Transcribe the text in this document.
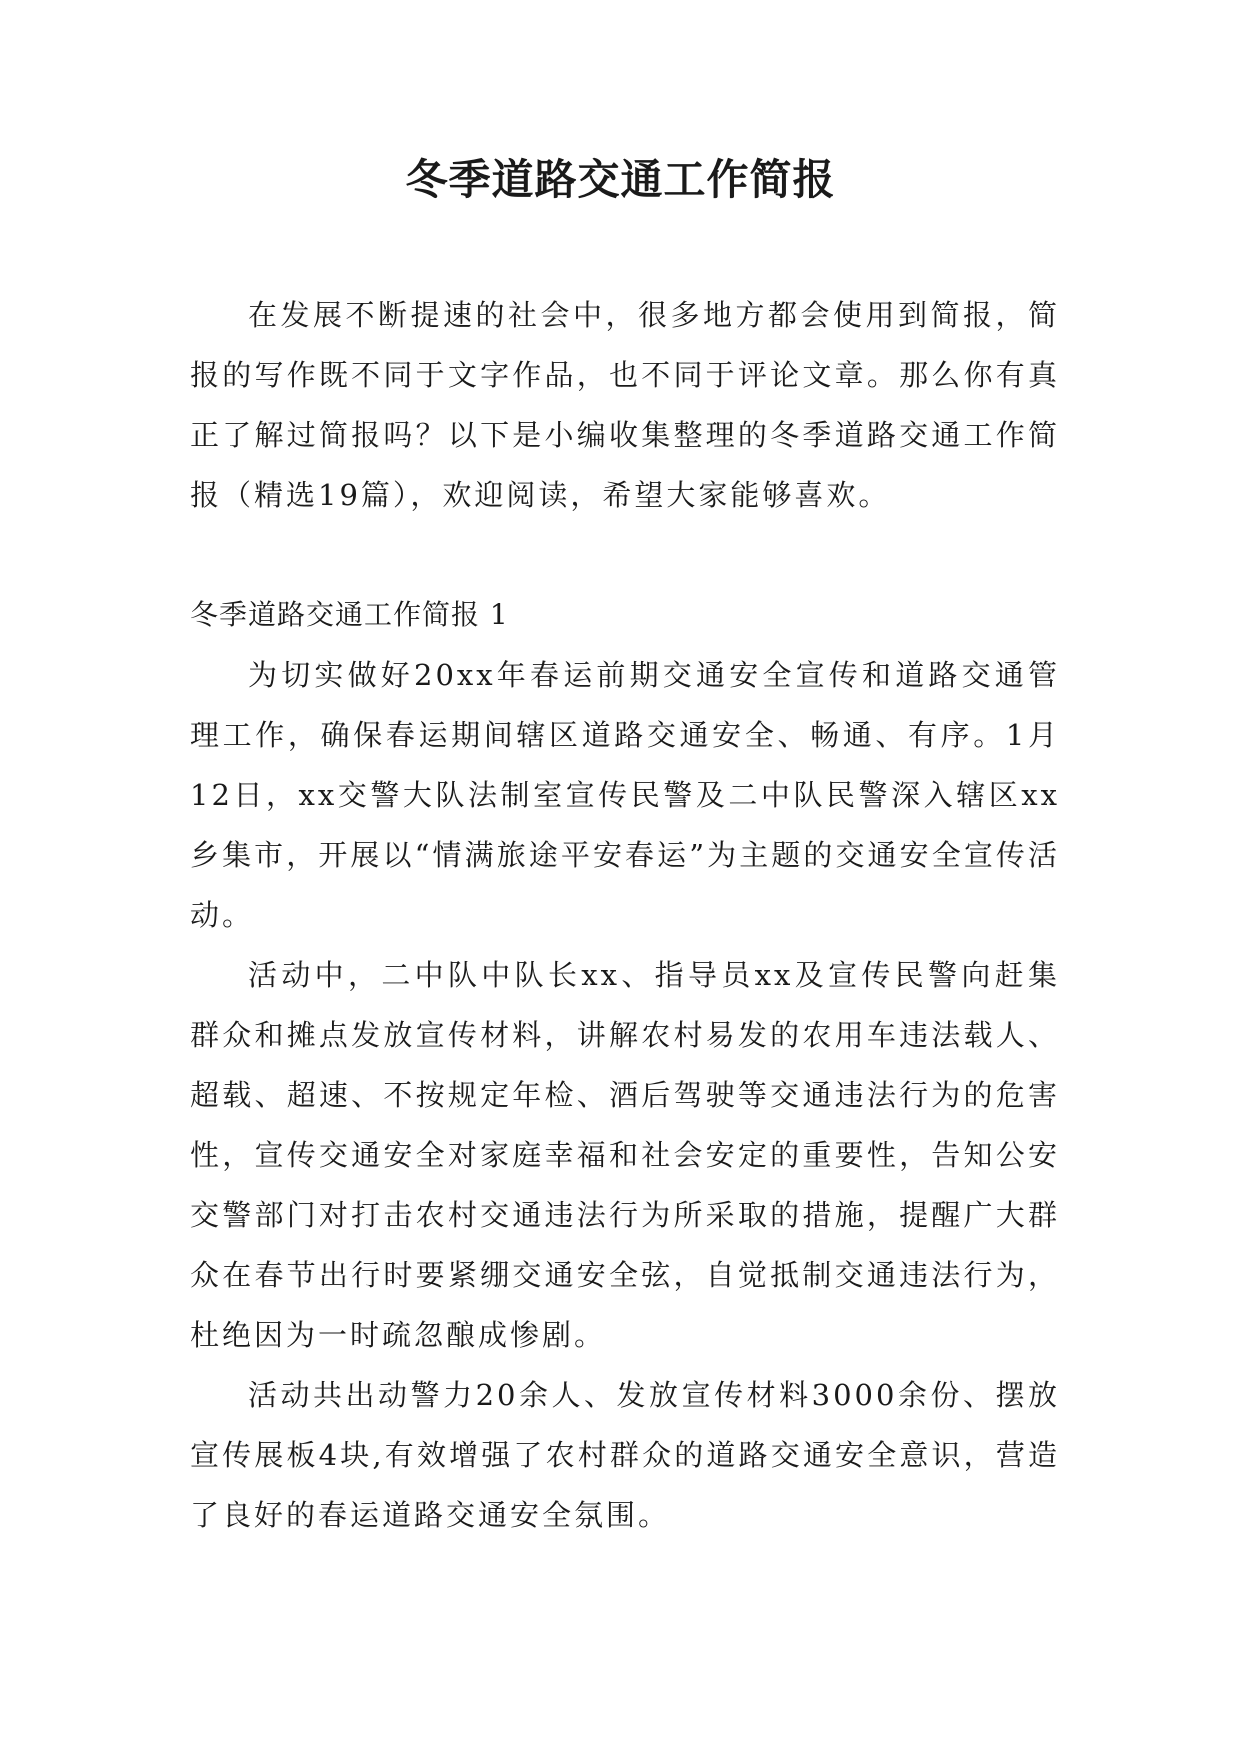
冬季道路交通工作简报

在发展不断提速的社会中，很多地方都会使用到简报，简报的写作既不同于文字作品，也不同于评论文章。那么你有真正了解过简报吗？以下是小编收集整理的冬季道路交通工作简报（精选19篇），欢迎阅读，希望大家能够喜欢。

冬季道路交通工作简报 1

为切实做好20xx年春运前期交通安全宣传和道路交通管理工作，确保春运期间辖区道路交通安全、畅通、有序。1月12日，xx交警大队法制室宣传民警及二中队民警深入辖区xx乡集市，开展以“情满旅途平安春运”为主题的交通安全宣传活动。

活动中，二中队中队长xx、指导员xx及宣传民警向赶集群众和摊点发放宣传材料，讲解农村易发的农用车违法载人、超载、超速、不按规定年检、酒后驾驶等交通违法行为的危害性，宣传交通安全对家庭幸福和社会安定的重要性，告知公安交警部门对打击农村交通违法行为所采取的措施，提醒广大群众在春节出行时要紧绷交通安全弦，自觉抵制交通违法行为，杜绝因为一时疏忽酿成惨剧。

活动共出动警力20余人、发放宣传材料3000余份、摆放宣传展板4块,有效增强了农村群众的道路交通安全意识，营造了良好的春运道路交通安全氛围。
